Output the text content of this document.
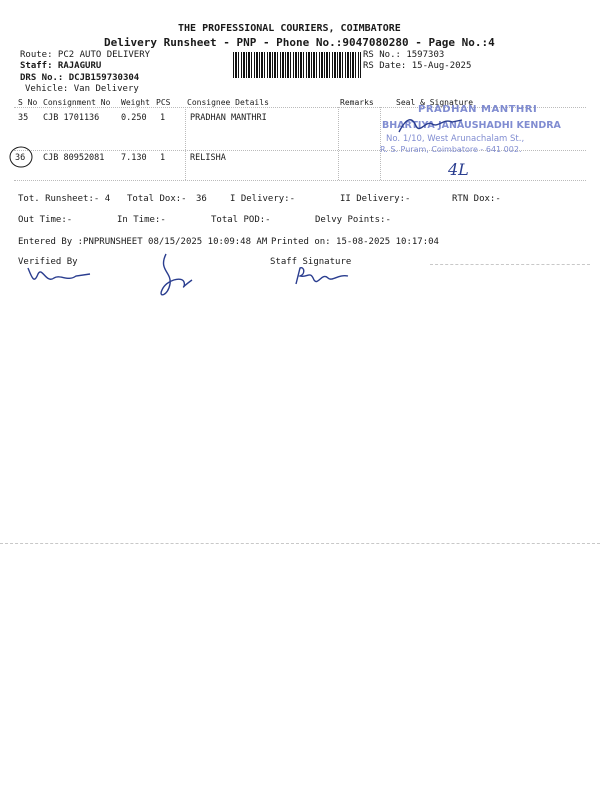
THE PROFESSIONAL COURIERS, COIMBATORE
Delivery Runsheet - PNP - Phone No.:9047080280 - Page No.:4
Route: PC2 AUTO DELIVERY
Staff: RAJAGURU
DRS No.: DCJB159730304
Vehicle: Van Delivery
RS No.: 1597303
RS Date: 15-Aug-2025
S No Consignment No Weight PCS Consignee Details	Remarks	Seal & Signature
35 CJB 1701136	0.250 1	PRADHAN MANTHRI
36 CJB 80952081 7.130 1	RELISHA
PRADHAN MANTHRI
BHARTIYA JANAUSHADHI KENDRA
No. 1/10, West Arunachalam St.,
R. S. Puram, Coimbatore - 641 002.
4L
Tot. Runsheet:- 4 Total Dox:- 36	I Delivery:-	II Delivery:-	RTN Dox:-
Out Time:-	In Time:-	Total POD:-	Delvy Points:-
Entered By :PNPRUNSHEET 08/15/2025 10:09:48 AM Printed on: 15-08-2025 10:17:04
Verified By	Staff Signature
